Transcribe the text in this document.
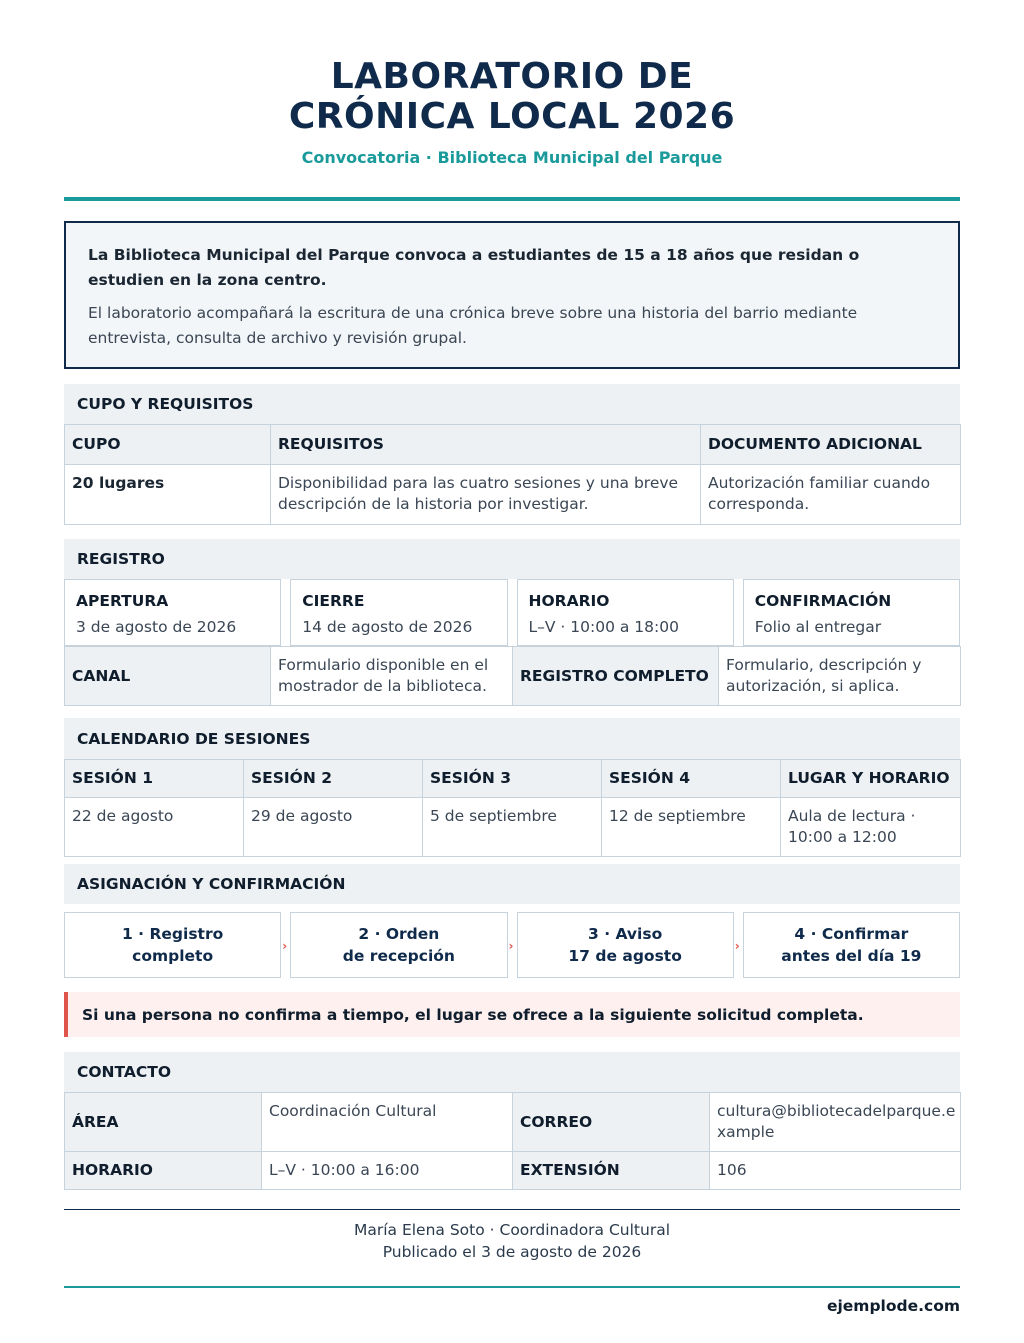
LABORATORIO DE
CRÓNICA LOCAL 2026
Convocatoria · Biblioteca Municipal del Parque

La Biblioteca Municipal del Parque convoca a estudiantes de 15 a 18 años que residan o estudien en la zona centro.

El laboratorio acompañará la escritura de una crónica breve sobre una historia del barrio mediante entrevista, consulta de archivo y revisión grupal.

CUPO Y REQUISITOS
CUPO	REQUISITOS	DOCUMENTO ADICIONAL
20 lugares	Disponibilidad para las cuatro sesiones y una breve descripción de la historia por investigar.	Autorización familiar cuando corresponda.
REGISTRO
APERTURA
3 de agosto de 2026
CIERRE
14 de agosto de 2026
HORARIO
L–V · 10:00 a 18:00
CONFIRMACIÓN
Folio al entregar
CANAL	Formulario disponible en el mostrador de la biblioteca.	REGISTRO COMPLETO	Formulario, descripción y autorización, si aplica.
CALENDARIO DE SESIONES
SESIÓN 1	SESIÓN 2	SESIÓN 3	SESIÓN 4	LUGAR Y HORARIO
22 de agosto	29 de agosto	5 de septiembre	12 de septiembre	Aula de lectura · 10:00 a 12:00
ASIGNACIÓN Y CONFIRMACIÓN
1 · Registro
completo
›
2 · Orden
de recepción
›
3 · Aviso
17 de agosto
›
4 · Confirmar
antes del día 19
Si una persona no confirma a tiempo, el lugar se ofrece a la siguiente solicitud completa.
CONTACTO
ÁREA	Coordinación Cultural	CORREO	cultura@bibliotecadelparque.e xample
HORARIO	L–V · 10:00 a 16:00	EXTENSIÓN	106
María Elena Soto · Coordinadora Cultural
Publicado el 3 de agosto de 2026
ejemplode.com
